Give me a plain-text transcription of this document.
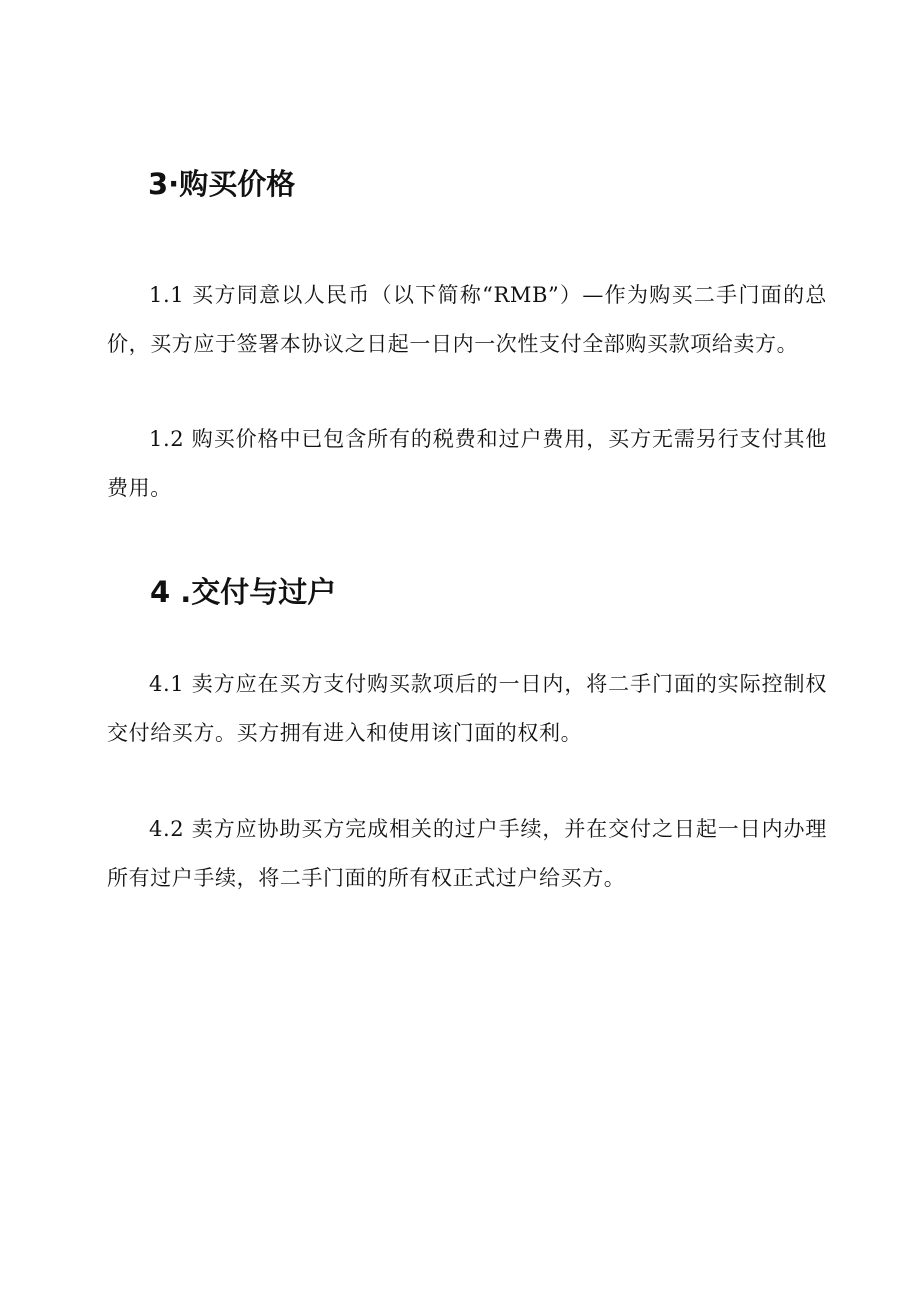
3·购买价格

1.1 买方同意以人民币（以下简称“RMB”）—作为购买二手门面的总价，买方应于签署本协议之日起一日内一次性支付全部购买款项给卖方。

1.2 购买价格中已包含所有的税费和过户费用，买方无需另行支付其他费用。

4 .交付与过户

4.1 卖方应在买方支付购买款项后的一日内，将二手门面的实际控制权交付给买方。买方拥有进入和使用该门面的权利。

4.2 卖方应协助买方完成相关的过户手续，并在交付之日起一日内办理所有过户手续，将二手门面的所有权正式过户给买方。
